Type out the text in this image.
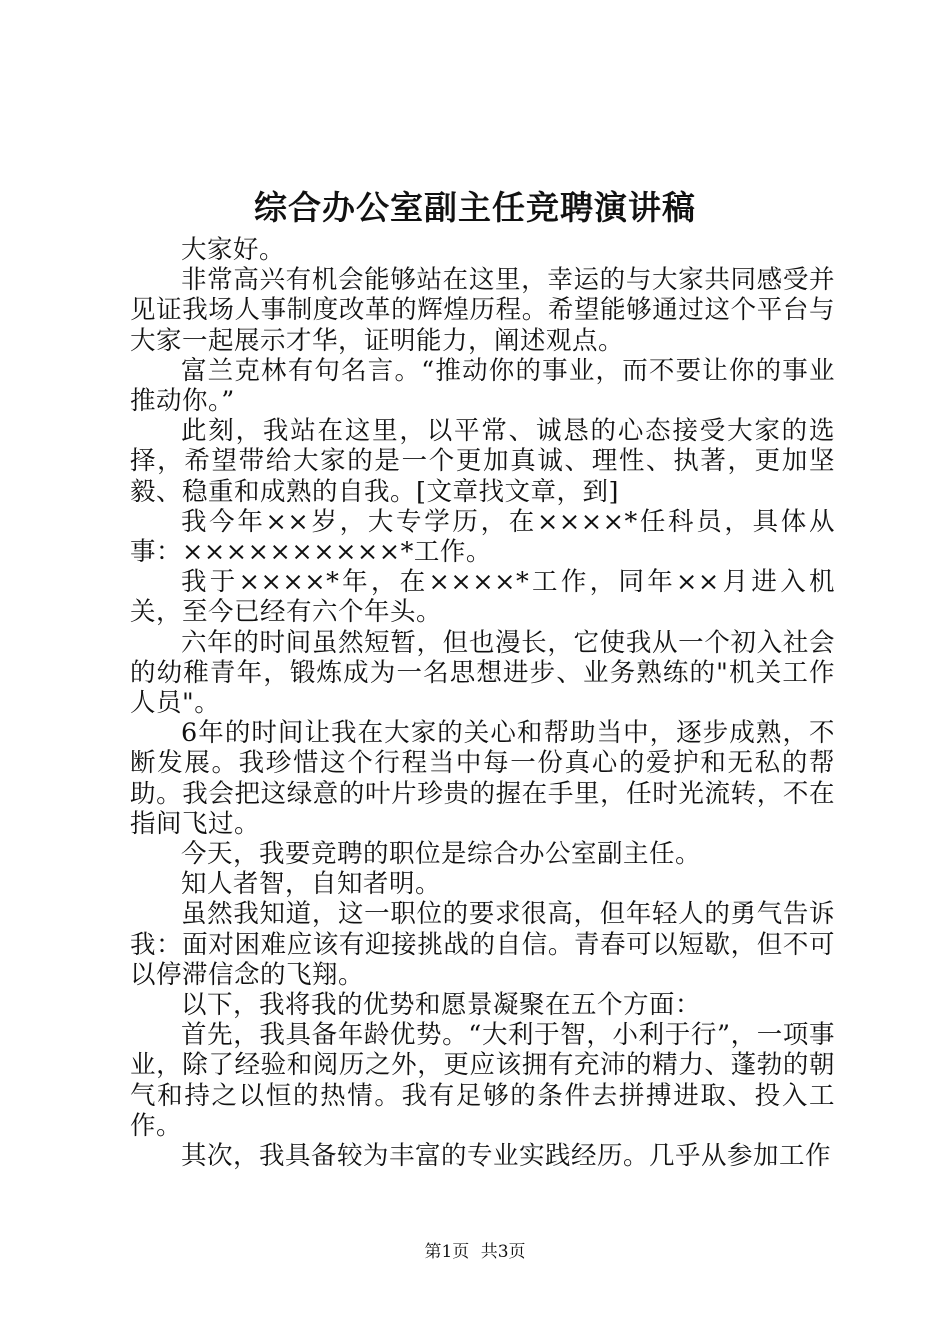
综合办公室副主任竞聘演讲稿

大家好。

非常高兴有机会能够站在这里，幸运的与大家共同感受并见证我场人事制度改革的辉煌历程。希望能够通过这个平台与大家一起展示才华，证明能力，阐述观点。

富兰克林有句名言。“推动你的事业，而不要让你的事业推动你。”

此刻，我站在这里，以平常、诚恳的心态接受大家的选择，希望带给大家的是一个更加真诚、理性、执著，更加坚毅、稳重和成熟的自我。[文章找文章，到]

我今年××岁，大专学历，在××××*任科员，具体从事：××××××××××*工作。

我于××××*年，在××××*工作，同年××月进入机关，至今已经有六个年头。

六年的时间虽然短暂，但也漫长，它使我从一个初入社会的幼稚青年，锻炼成为一名思想进步、业务熟练的"机关工作人员"。

6年的时间让我在大家的关心和帮助当中，逐步成熟，不断发展。我珍惜这个行程当中每一份真心的爱护和无私的帮助。我会把这绿意的叶片珍贵的握在手里，任时光流转，不在指间飞过。

今天，我要竞聘的职位是综合办公室副主任。

知人者智，自知者明。

虽然我知道，这一职位的要求很高，但年轻人的勇气告诉我：面对困难应该有迎接挑战的自信。青春可以短歇，但不可以停滞信念的飞翔。

以下，我将我的优势和愿景凝聚在五个方面：

首先，我具备年龄优势。“大利于智，小利于行”，一项事业，除了经验和阅历之外，更应该拥有充沛的精力、蓬勃的朝气和持之以恒的热情。我有足够的条件去拼搏进取、投入工作。

其次，我具备较为丰富的专业实践经历。几乎从参加工作

第1页 共3页
